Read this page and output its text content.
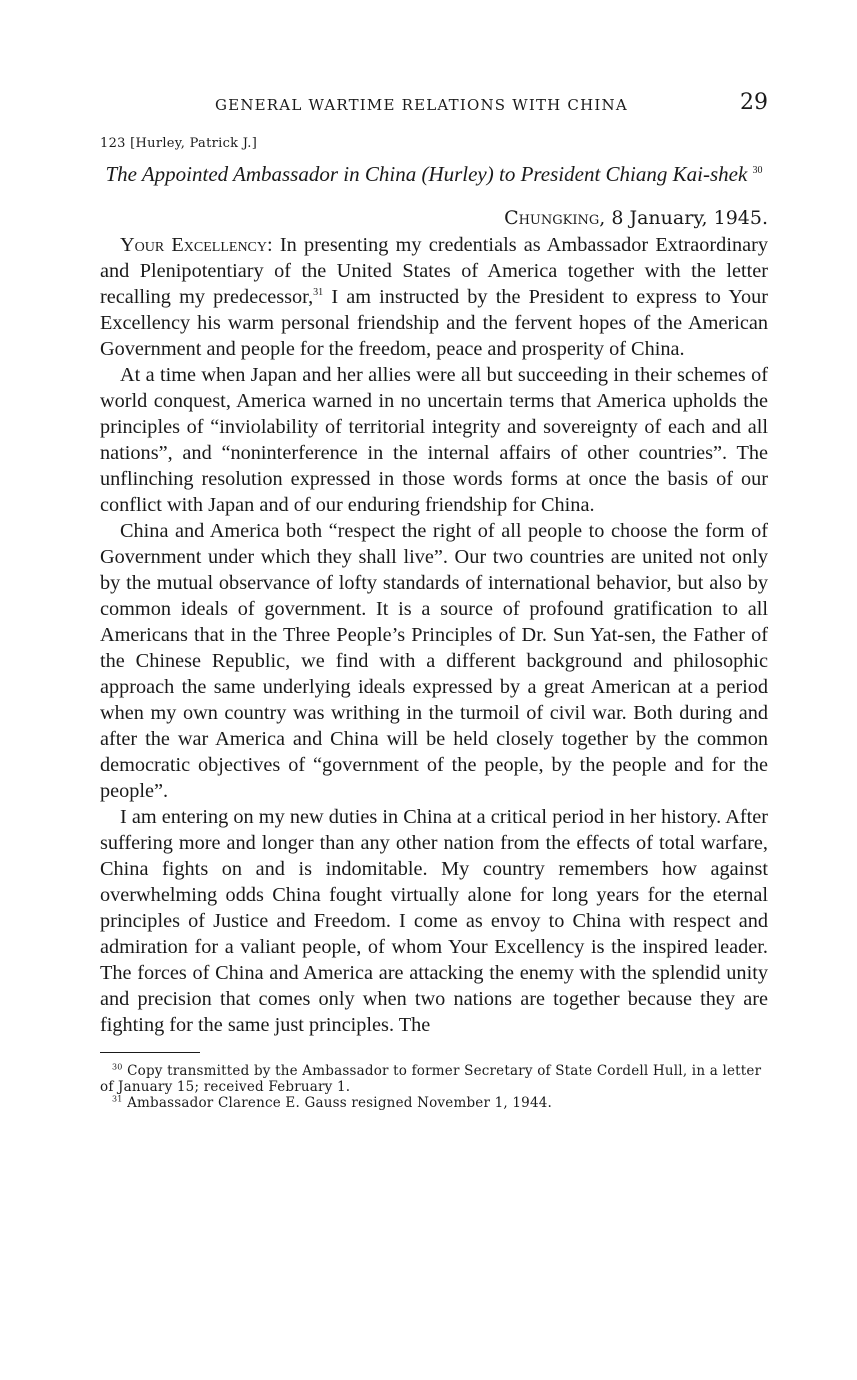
GENERAL WARTIME RELATIONS WITH CHINA	29
123 [Hurley, Patrick J.]
The Appointed Ambassador in China (Hurley) to President Chiang Kai-shek $^{30}$
Chungking, 8 January, 1945.

Your Excellency: In presenting my credentials as Ambassador Extraordinary and Plenipotentiary of the United States of America together with the letter recalling my predecessor,$^{31}$ I am instructed by the President to express to Your Excellency his warm personal friendship and the fervent hopes of the American Government and people for the freedom, peace and prosperity of China.

At a time when Japan and her allies were all but succeeding in their schemes of world conquest, America warned in no uncertain terms that America upholds the principles of “inviolability of territorial integrity and sovereignty of each and all nations”, and “noninterference in the internal affairs of other countries”. The unflinching resolution expressed in those words forms at once the basis of our conflict with Japan and of our enduring friendship for China.

China and America both “respect the right of all people to choose the form of Government under which they shall live”. Our two countries are united not only by the mutual observance of lofty standards of international behavior, but also by common ideals of government. It is a source of profound gratification to all Americans that in the Three People’s Principles of Dr. Sun Yat-sen, the Father of the Chinese Republic, we find with a different background and philosophic approach the same underlying ideals expressed by a great American at a period when my own country was writhing in the turmoil of civil war. Both during and after the war America and China will be held closely together by the common democratic objectives of “government of the people, by the people and for the people”.

I am entering on my new duties in China at a critical period in her history. After suffering more and longer than any other nation from the effects of total warfare, China fights on and is indomitable. My country remembers how against overwhelming odds China fought virtually alone for long years for the eternal principles of Justice and Freedom. I come as envoy to China with respect and admiration for a valiant people, of whom Your Excellency is the inspired leader. The forces of China and America are attacking the enemy with the splendid unity and precision that comes only when two nations are together because they are fighting for the same just principles. The

$^{30}$ Copy transmitted by the Ambassador to former Secretary of State Cordell Hull, in a letter of January 15; received February 1.

$^{31}$ Ambassador Clarence E. Gauss resigned November 1, 1944.
